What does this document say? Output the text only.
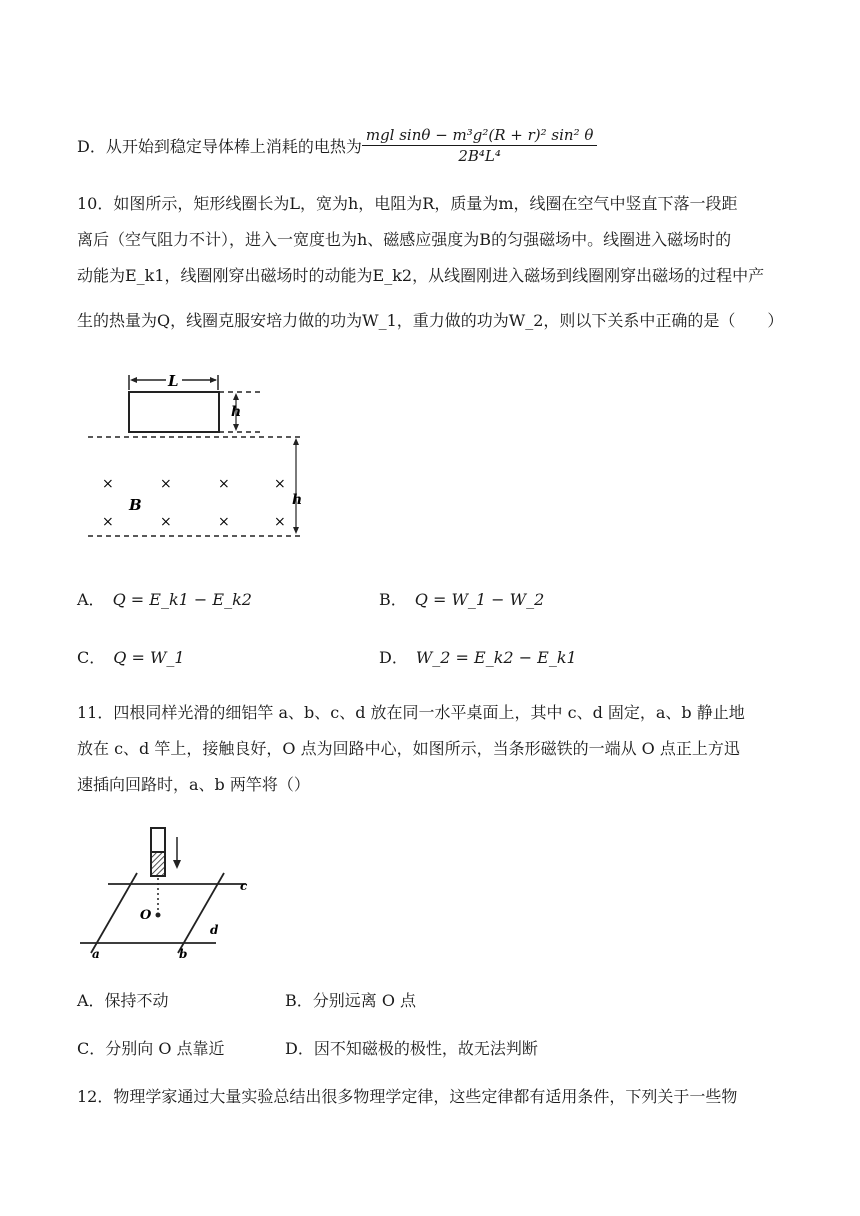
D．从开始到稳定导体棒上消耗的电热为 $\frac{\text{mgl sinθ − m³g²(R + r)² sin² θ}}{\text{2B⁴L⁴}}$
10．如图所示，矩形线圈长为L，宽为h，电阻为R，质量为m，线圈在空气中竖直下落一段距
离后（空气阻力不计），进入一宽度也为h、磁感应强度为B的匀强磁场中。线圈进入磁场时的
动能为E_k1，线圈刚穿出磁场时的动能为E_k2，从线圈刚进入磁场到线圈刚穿出磁场的过程中产
生的热量为Q，线圈克服安培力做的功为W_1，重力做的功为W_2，则以下关系中正确的是（　　）
L
h
h
×	×	×	×
×	×	×	×
B
A． Q = E_k1 − E_k2	B． Q = W_1 − W_2
C． Q = W_1	D． W_2 = E_k2 − E_k1
11．四根同样光滑的细铝竿 a、b、c、d 放在同一水平桌面上，其中 c、d 固定，a、b 静止地
放在 c、d 竿上，接触良好，O 点为回路中心，如图所示，当条形磁铁的一端从 O 点正上方迅
速插向回路时，a、b 两竿将（）
O
c
d
a	b
A．保持不动	B．分别远离 O 点
C．分别向 O 点靠近	D．因不知磁极的极性，故无法判断
12．物理学家通过大量实验总结出很多物理学定律，这些定律都有适用条件，下列关于一些物
